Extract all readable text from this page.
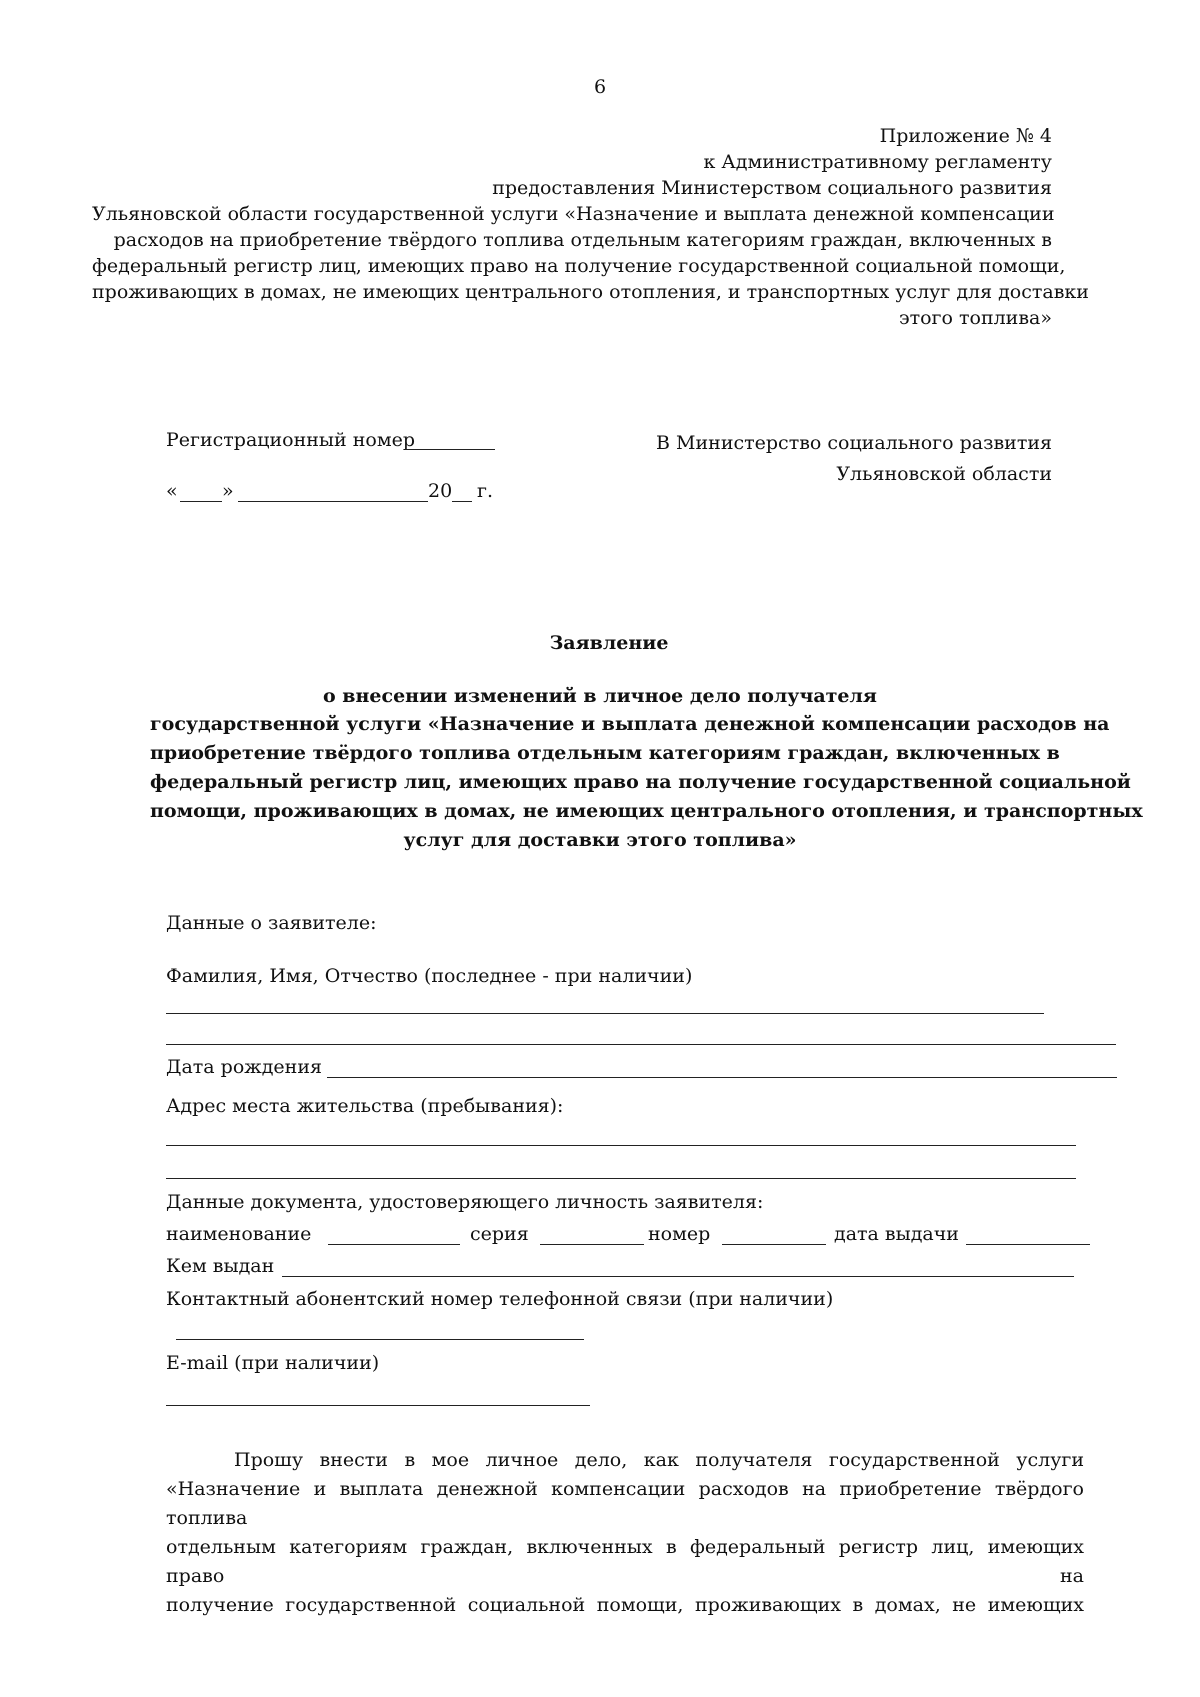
6
Приложение № 4
к Административному регламенту
предоставления Министерством социального развития
Ульяновской области государственной услуги «Назначение и выплата денежной компенсации
расходов на приобретение твёрдого топлива отдельным категориям граждан, включенных в
федеральный регистр лиц, имеющих право на получение государственной социальной помощи,
проживающих в домах, не имеющих центрального отопления, и транспортных услуг для доставки
этого топлива»
Регистрационный номер
« »	20 г.
В Министерство социального развития
Ульяновской области
Заявление
о внесении изменений в личное дело получателя
государственной услуги «Назначение и выплата денежной компенсации расходов на
приобретение твёрдого топлива отдельным категориям граждан, включенных в
федеральный регистр лиц, имеющих право на получение государственной социальной
помощи, проживающих в домах, не имеющих центрального отопления, и транспортных
услуг для доставки этого топлива»
Данные о заявителе:
Фамилия, Имя, Отчество (последнее - при наличии)
Дата рождения
Адрес места жительства (пребывания):
Данные документа, удостоверяющего личность заявителя:
наименование	серия	номер	дата выдачи
Кем выдан
Контактный абонентский номер телефонной связи (при наличии)
E-mail (при наличии)
Прошу внести в мое личное дело, как получателя государственной услуги
«Назначение и выплата денежной компенсации расходов на приобретение твёрдого топлива
отдельным категориям граждан, включенных в федеральный регистр лиц, имеющих право на
получение государственной социальной помощи, проживающих в домах, не имеющих
